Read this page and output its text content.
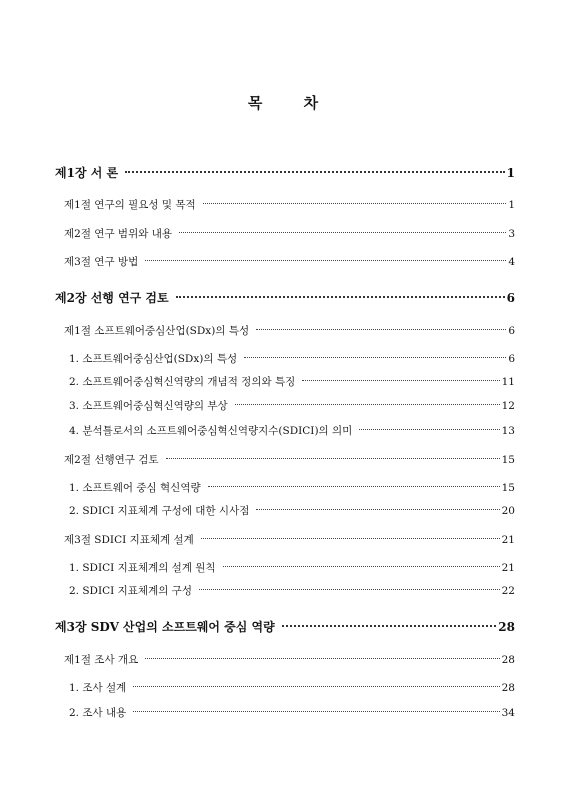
목 차
제1장 서 론	1
제1절 연구의 필요성 및 목적	1
제2절 연구 범위와 내용	3
제3절 연구 방법	4
제2장 선행 연구 검토	6
제1절 소프트웨어중심산업(SDx)의 특성	6
1. 소프트웨어중심산업(SDx)의 특성	6
2. 소프트웨어중심혁신역량의 개념적 정의와 특징	11
3. 소프트웨어중심혁신역량의 부상	12
4. 분석틀로서의 소프트웨어중심혁신역량지수(SDICI)의 의미	13
제2절 선행연구 검토	15
1. 소프트웨어 중심 혁신역량	15
2. SDICI 지표체계 구성에 대한 시사점	20
제3절 SDICI 지표체계 설계	21
1. SDICI 지표체계의 설계 원칙	21
2. SDICI 지표체계의 구성	22
제3장 SDV 산업의 소프트웨어 중심 역량	28
제1절 조사 개요	28
1. 조사 설계	28
2. 조사 내용	34
